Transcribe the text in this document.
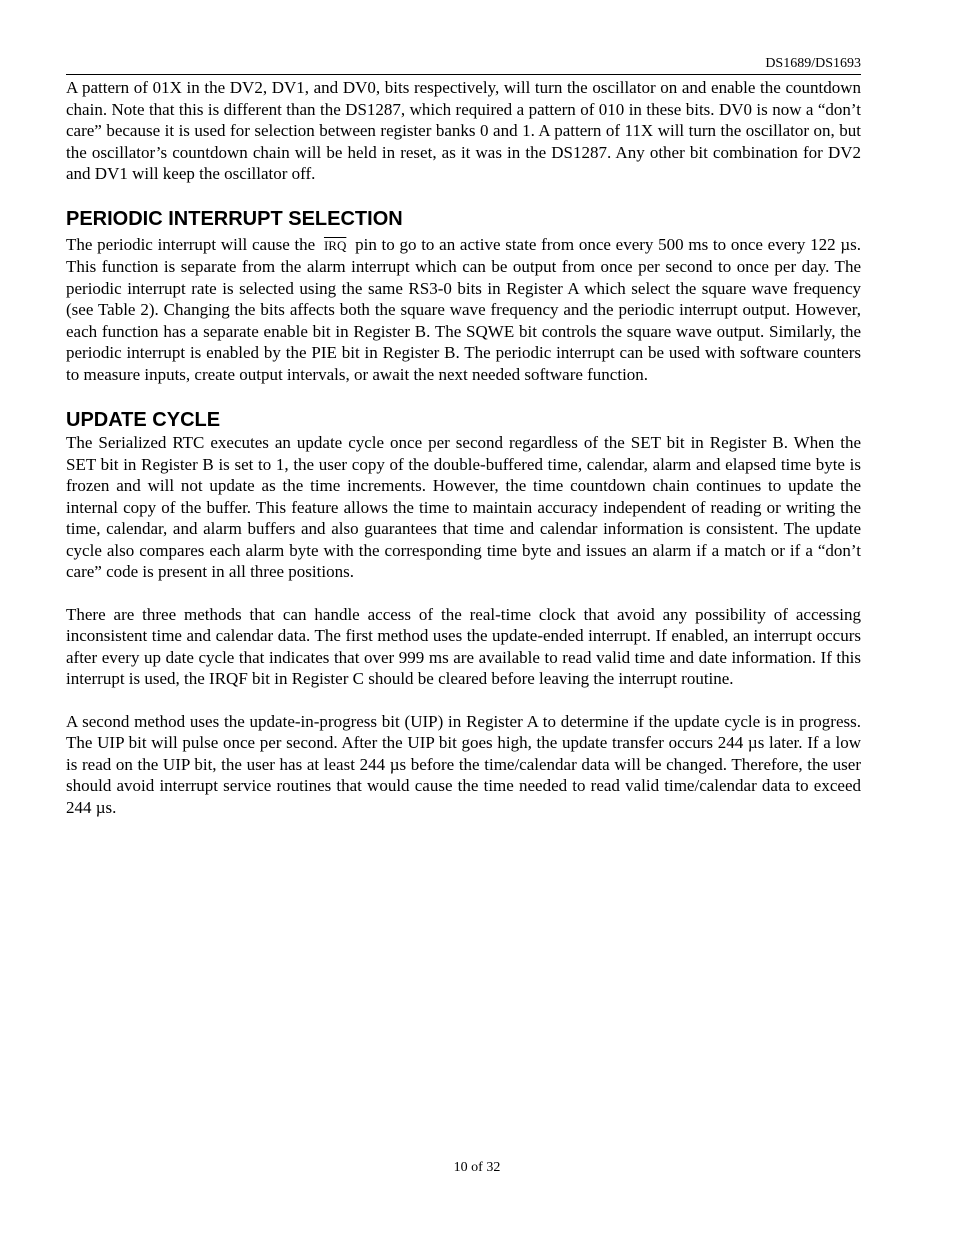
DS1689/DS1693

A pattern of 01X in the DV2, DV1, and DV0, bits respectively, will turn the oscillator on and enable the countdown chain. Note that this is different than the DS1287, which required a pattern of 010 in these bits. DV0 is now a “don’t care” because it is used for selection between register banks 0 and 1. A pattern of 11X will turn the oscillator on, but the oscillator’s countdown chain will be held in reset, as it was in the DS1287. Any other bit combination for DV2 and DV1 will keep the oscillator off.

PERIODIC INTERRUPT SELECTION

The periodic interrupt will cause the $\overline{IRQ}$ pin to go to an active state from once every 500 ms to once every 122 µs. This function is separate from the alarm interrupt which can be output from once per second to once per day. The periodic interrupt rate is selected using the same RS3-0 bits in Register A which select the square wave frequency (see Table 2). Changing the bits affects both the square wave frequency and the periodic interrupt output. However, each function has a separate enable bit in Register B. The SQWE bit controls the square wave output. Similarly, the periodic interrupt is enabled by the PIE bit in Register B. The periodic interrupt can be used with software counters to measure inputs, create output intervals, or await the next needed software function.

UPDATE CYCLE

The Serialized RTC executes an update cycle once per second regardless of the SET bit in Register B. When the SET bit in Register B is set to 1, the user copy of the double-buffered time, calendar, alarm and elapsed time byte is frozen and will not update as the time increments. However, the time countdown chain continues to update the internal copy of the buffer. This feature allows the time to maintain accuracy independent of reading or writing the time, calendar, and alarm buffers and also guarantees that time and calendar information is consistent. The update cycle also compares each alarm byte with the corresponding time byte and issues an alarm if a match or if a “don’t care” code is present in all three positions.

There are three methods that can handle access of the real-time clock that avoid any possibility of accessing inconsistent time and calendar data. The first method uses the update-ended interrupt. If enabled, an interrupt occurs after every up date cycle that indicates that over 999 ms are available to read valid time and date information. If this interrupt is used, the IRQF bit in Register C should be cleared before leaving the interrupt routine.

A second method uses the update-in-progress bit (UIP) in Register A to determine if the update cycle is in progress. The UIP bit will pulse once per second. After the UIP bit goes high, the update transfer occurs 244 µs later. If a low is read on the UIP bit, the user has at least 244 µs before the time/calendar data will be changed. Therefore, the user should avoid interrupt service routines that would cause the time needed to read valid time/calendar data to exceed 244 µs.

10 of 32
